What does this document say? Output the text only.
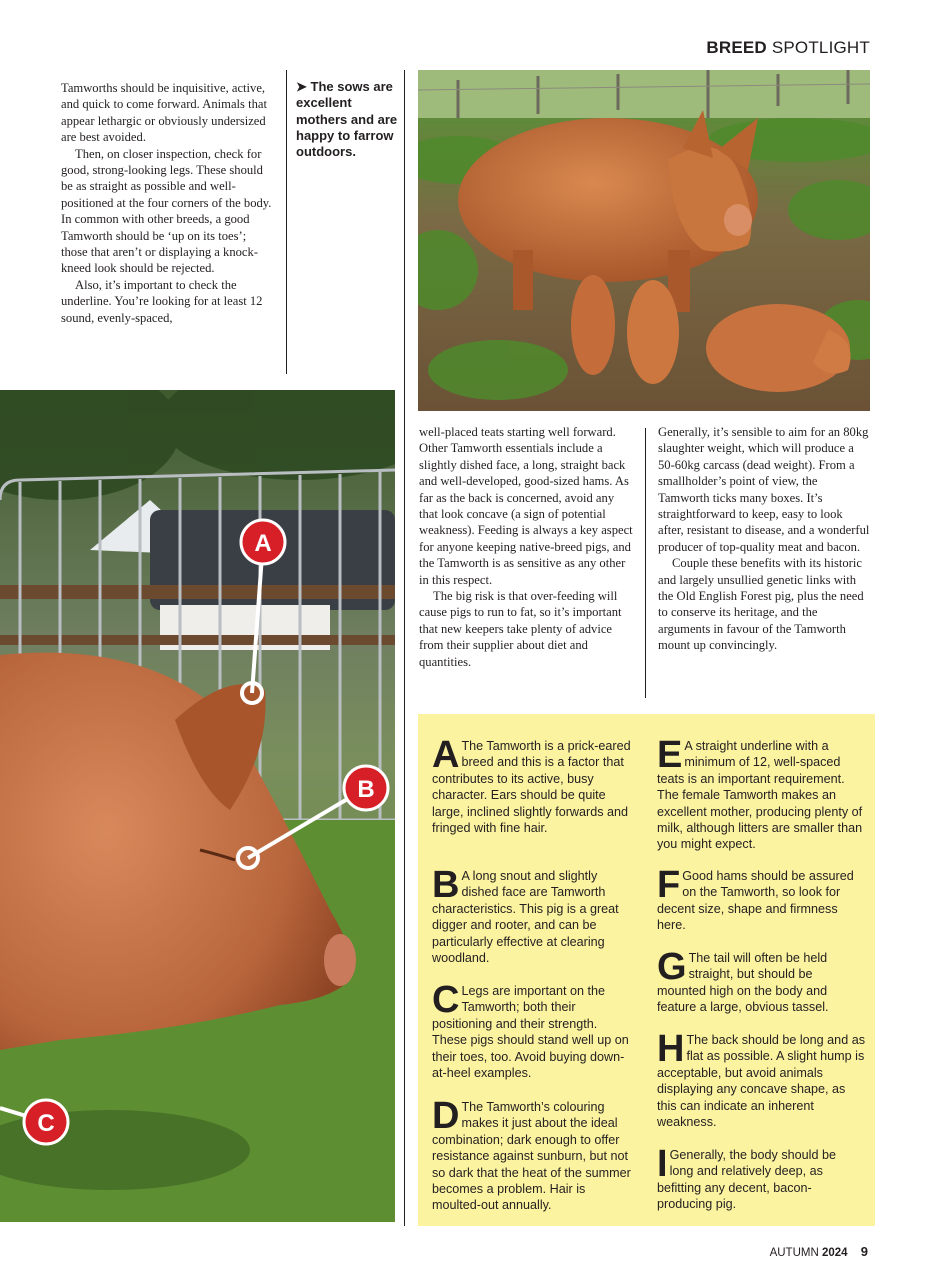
BREED SPOTLIGHT

Tamworths should be inquisitive, active, and quick to come forward. Animals that appear lethargic or obviously undersized are best avoided.

Then, on closer inspection, check for good, strong-looking legs. These should be as straight as possible and well-positioned at the four corners of the body. In common with other breeds, a good Tamworth should be ‘up on its toes’; those that aren’t or displaying a knock-kneed look should be rejected.

Also, it’s important to check the underline. You’re looking for at least 12 sound, evenly-spaced,

➤ The sows are excellent mothers and are happy to farrow outdoors.
A
B
C

well-placed teats starting well forward. Other Tamworth essentials include a slightly dished face, a long, straight back and well-developed, good-sized hams. As far as the back is concerned, avoid any that look concave (a sign of potential weakness). Feeding is always a key aspect for anyone keeping native-breed pigs, and the Tamworth is as sensitive as any other in this respect.

The big risk is that over-feeding will cause pigs to run to fat, so it’s important that new keepers take plenty of advice from their supplier about diet and quantities.

Generally, it’s sensible to aim for an 80kg slaughter weight, which will produce a 50-60kg carcass (dead weight). From a smallholder’s point of view, the Tamworth ticks many boxes. It’s straightforward to keep, easy to look after, resistant to disease, and a wonderful producer of top-quality meat and bacon.

Couple these benefits with its historic and largely unsullied genetic links with the Old English Forest pig, plus the need to conserve its heritage, and the arguments in favour of the Tamworth mount up convincingly.

A The Tamworth is a prick-eared breed and this is a factor that contributes to its active, busy character. Ears should be quite large, inclined slightly forwards and fringed with fine hair.
B A long snout and slightly dished face are Tamworth characteristics. This pig is a great digger and rooter, and can be particularly effective at clearing woodland.
C Legs are important on the Tamworth; both their positioning and their strength. These pigs should stand well up on their toes, too. Avoid buying down-at-heel examples.
D The Tamworth’s colouring makes it just about the ideal combination; dark enough to offer resistance against sunburn, but not so dark that the heat of the summer becomes a problem. Hair is moulted-out annually.
E A straight underline with a minimum of 12, well-spaced teats is an important requirement. The female Tamworth makes an excellent mother, producing plenty of milk, although litters are smaller than you might expect.
F Good hams should be assured on the Tamworth, so look for decent size, shape and firmness here.
G The tail will often be held straight, but should be mounted high on the body and feature a large, obvious tassel.
H The back should be long and as flat as possible. A slight hump is acceptable, but avoid animals displaying any concave shape, as this can indicate an inherent weakness.
I Generally, the body should be long and relatively deep, as befitting any decent, bacon-producing pig.
AUTUMN 2024 9
